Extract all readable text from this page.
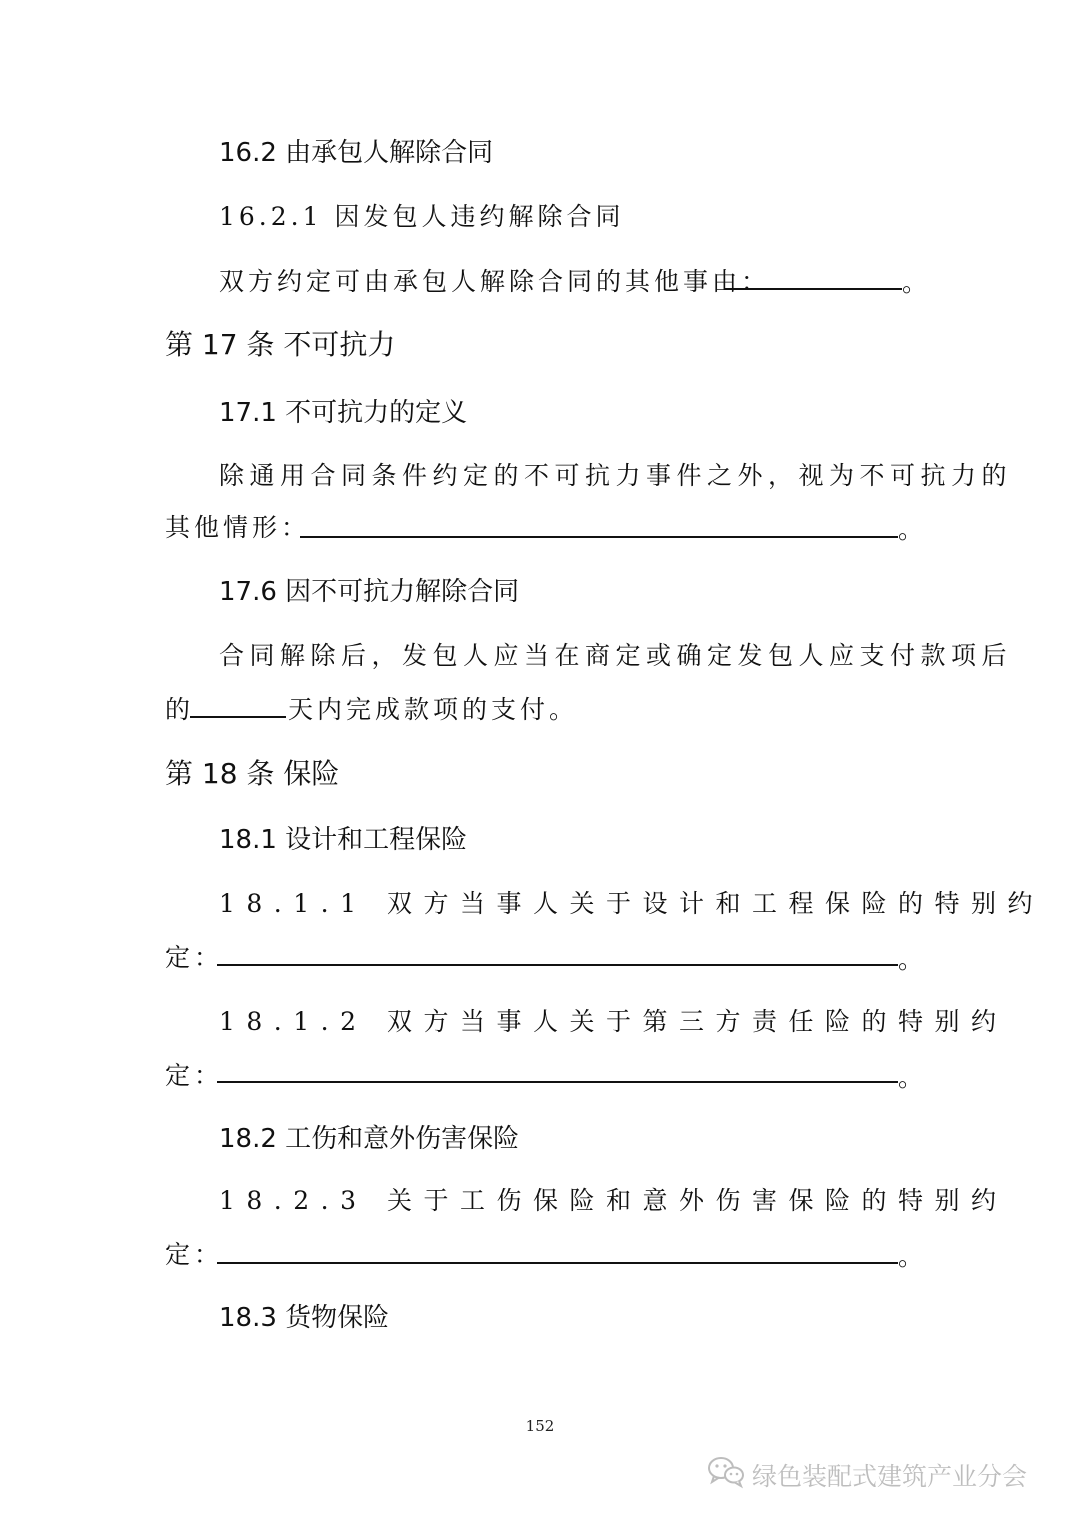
16.2 由承包人解除合同
16.2.1 因发包人违约解除合同
双方约定可由承包人解除合同的其他事由：	。
第 17 条 不可抗力
17.1 不可抗力的定义
除通用合同条件约定的不可抗力事件之外，视为不可抗力的
其他情形：	。
17.6 因不可抗力解除合同
合同解除后，发包人应当在商定或确定发包人应支付款项后
的	天内完成款项的支付。
第 18 条 保险
18.1 设计和工程保险
18.1.1 双方当事人关于设计和工程保险的特别约
定：	。
18.1.2 双方当事人关于第三方责任险的特别约
定：	。
18.2 工伤和意外伤害保险
18.2.3 关于工伤保险和意外伤害保险的特别约
定：	。
18.3 货物保险
152
绿色装配式建筑产业分会
